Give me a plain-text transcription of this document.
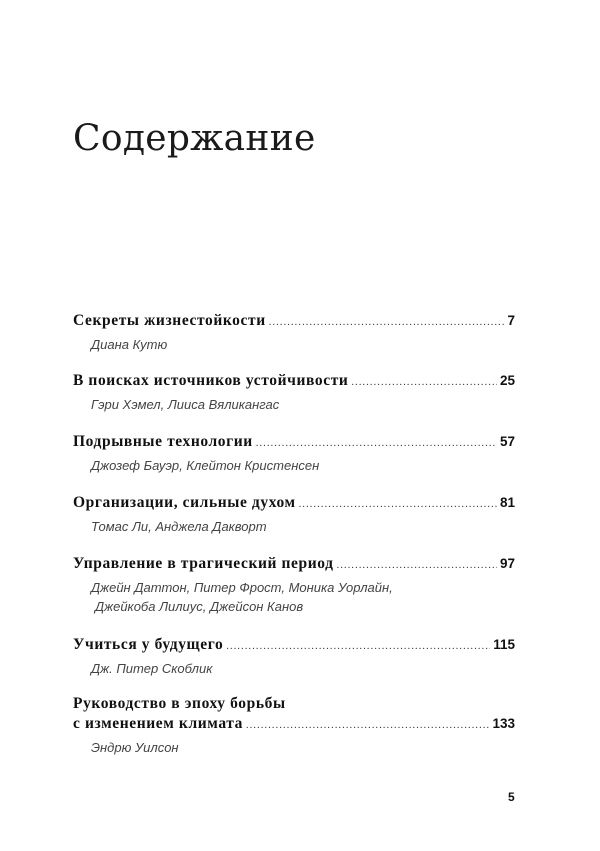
Содержание
Секреты жизнестойкости .....	7
Диана Кутю
В поисках источников устойчивости .....	25
Гэри Хэмел, Лииса Вяликангас
Подрывные технологии .....	57
Джозеф Бауэр, Клейтон Кристенсен
Организации, сильные духом .....	81
Томас Ли, Анджела Дакворт
Управление в трагический период .....	97
Джейн Даттон, Питер Фрост, Моника Уорлайн,
Джейкоба Лилиус, Джейсон Канов
Учиться у будущего .....	115
Дж. Питер Скоблик
Руководство в эпоху борьбы
с изменением климата .....	133
Эндрю Уилсон
5
